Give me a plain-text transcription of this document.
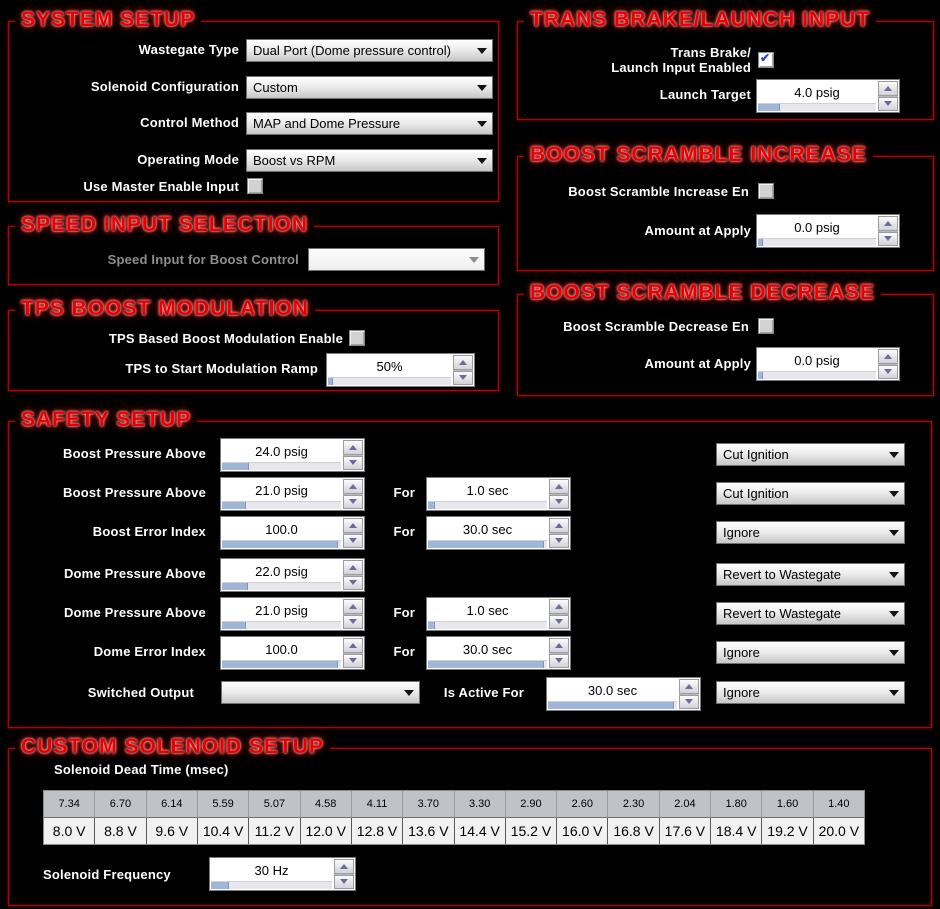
SYSTEM SETUP
Wastegate Type	Dual Port (Dome pressure control)
Solenoid Configuration	Custom
Control Method	MAP and Dome Pressure
Operating Mode	Boost vs RPM
Use Master Enable Input
TRANS BRAKE/LAUNCH INPUT
Trans Brake/
Launch Input Enabled
✔
Launch Target	4.0 psig
SPEED INPUT SELECTION
Speed Input for Boost Control
BOOST SCRAMBLE INCREASE
Boost Scramble Increase En
Amount at Apply	0.0 psig
TPS BOOST MODULATION
TPS Based Boost Modulation Enable
TPS to Start Modulation Ramp	50%
BOOST SCRAMBLE DECREASE
Boost Scramble Decrease En
Amount at Apply	0.0 psig
SAFETY SETUP
Boost Pressure Above	24.0 psig	Cut Ignition
Boost Pressure Above	21.0 psig	For	1.0 sec	Cut Ignition
Boost Error Index	100.0	For	30.0 sec	Ignore
Dome Pressure Above	22.0 psig	Revert to Wastegate
Dome Pressure Above	21.0 psig	For	1.0 sec	Revert to Wastegate
Dome Error Index	100.0	For	30.0 sec	Ignore
Switched Output	Is Active For	30.0 sec	Ignore
CUSTOM SOLENOID SETUP
Solenoid Dead Time (msec)
7.34	6.70	6.14	5.59	5.07	4.58	4.11	3.70	3.30	2.90	2.60	2.30	2.04	1.80	1.60	1.40
8.0 V	8.8 V	9.6 V	10.4 V 11.2 V 12.0 V 12.8 V 13.6 V 14.4 V 15.2 V 16.0 V 16.8 V 17.6 V 18.4 V 19.2 V 20.0 V
Solenoid Frequency	30 Hz
